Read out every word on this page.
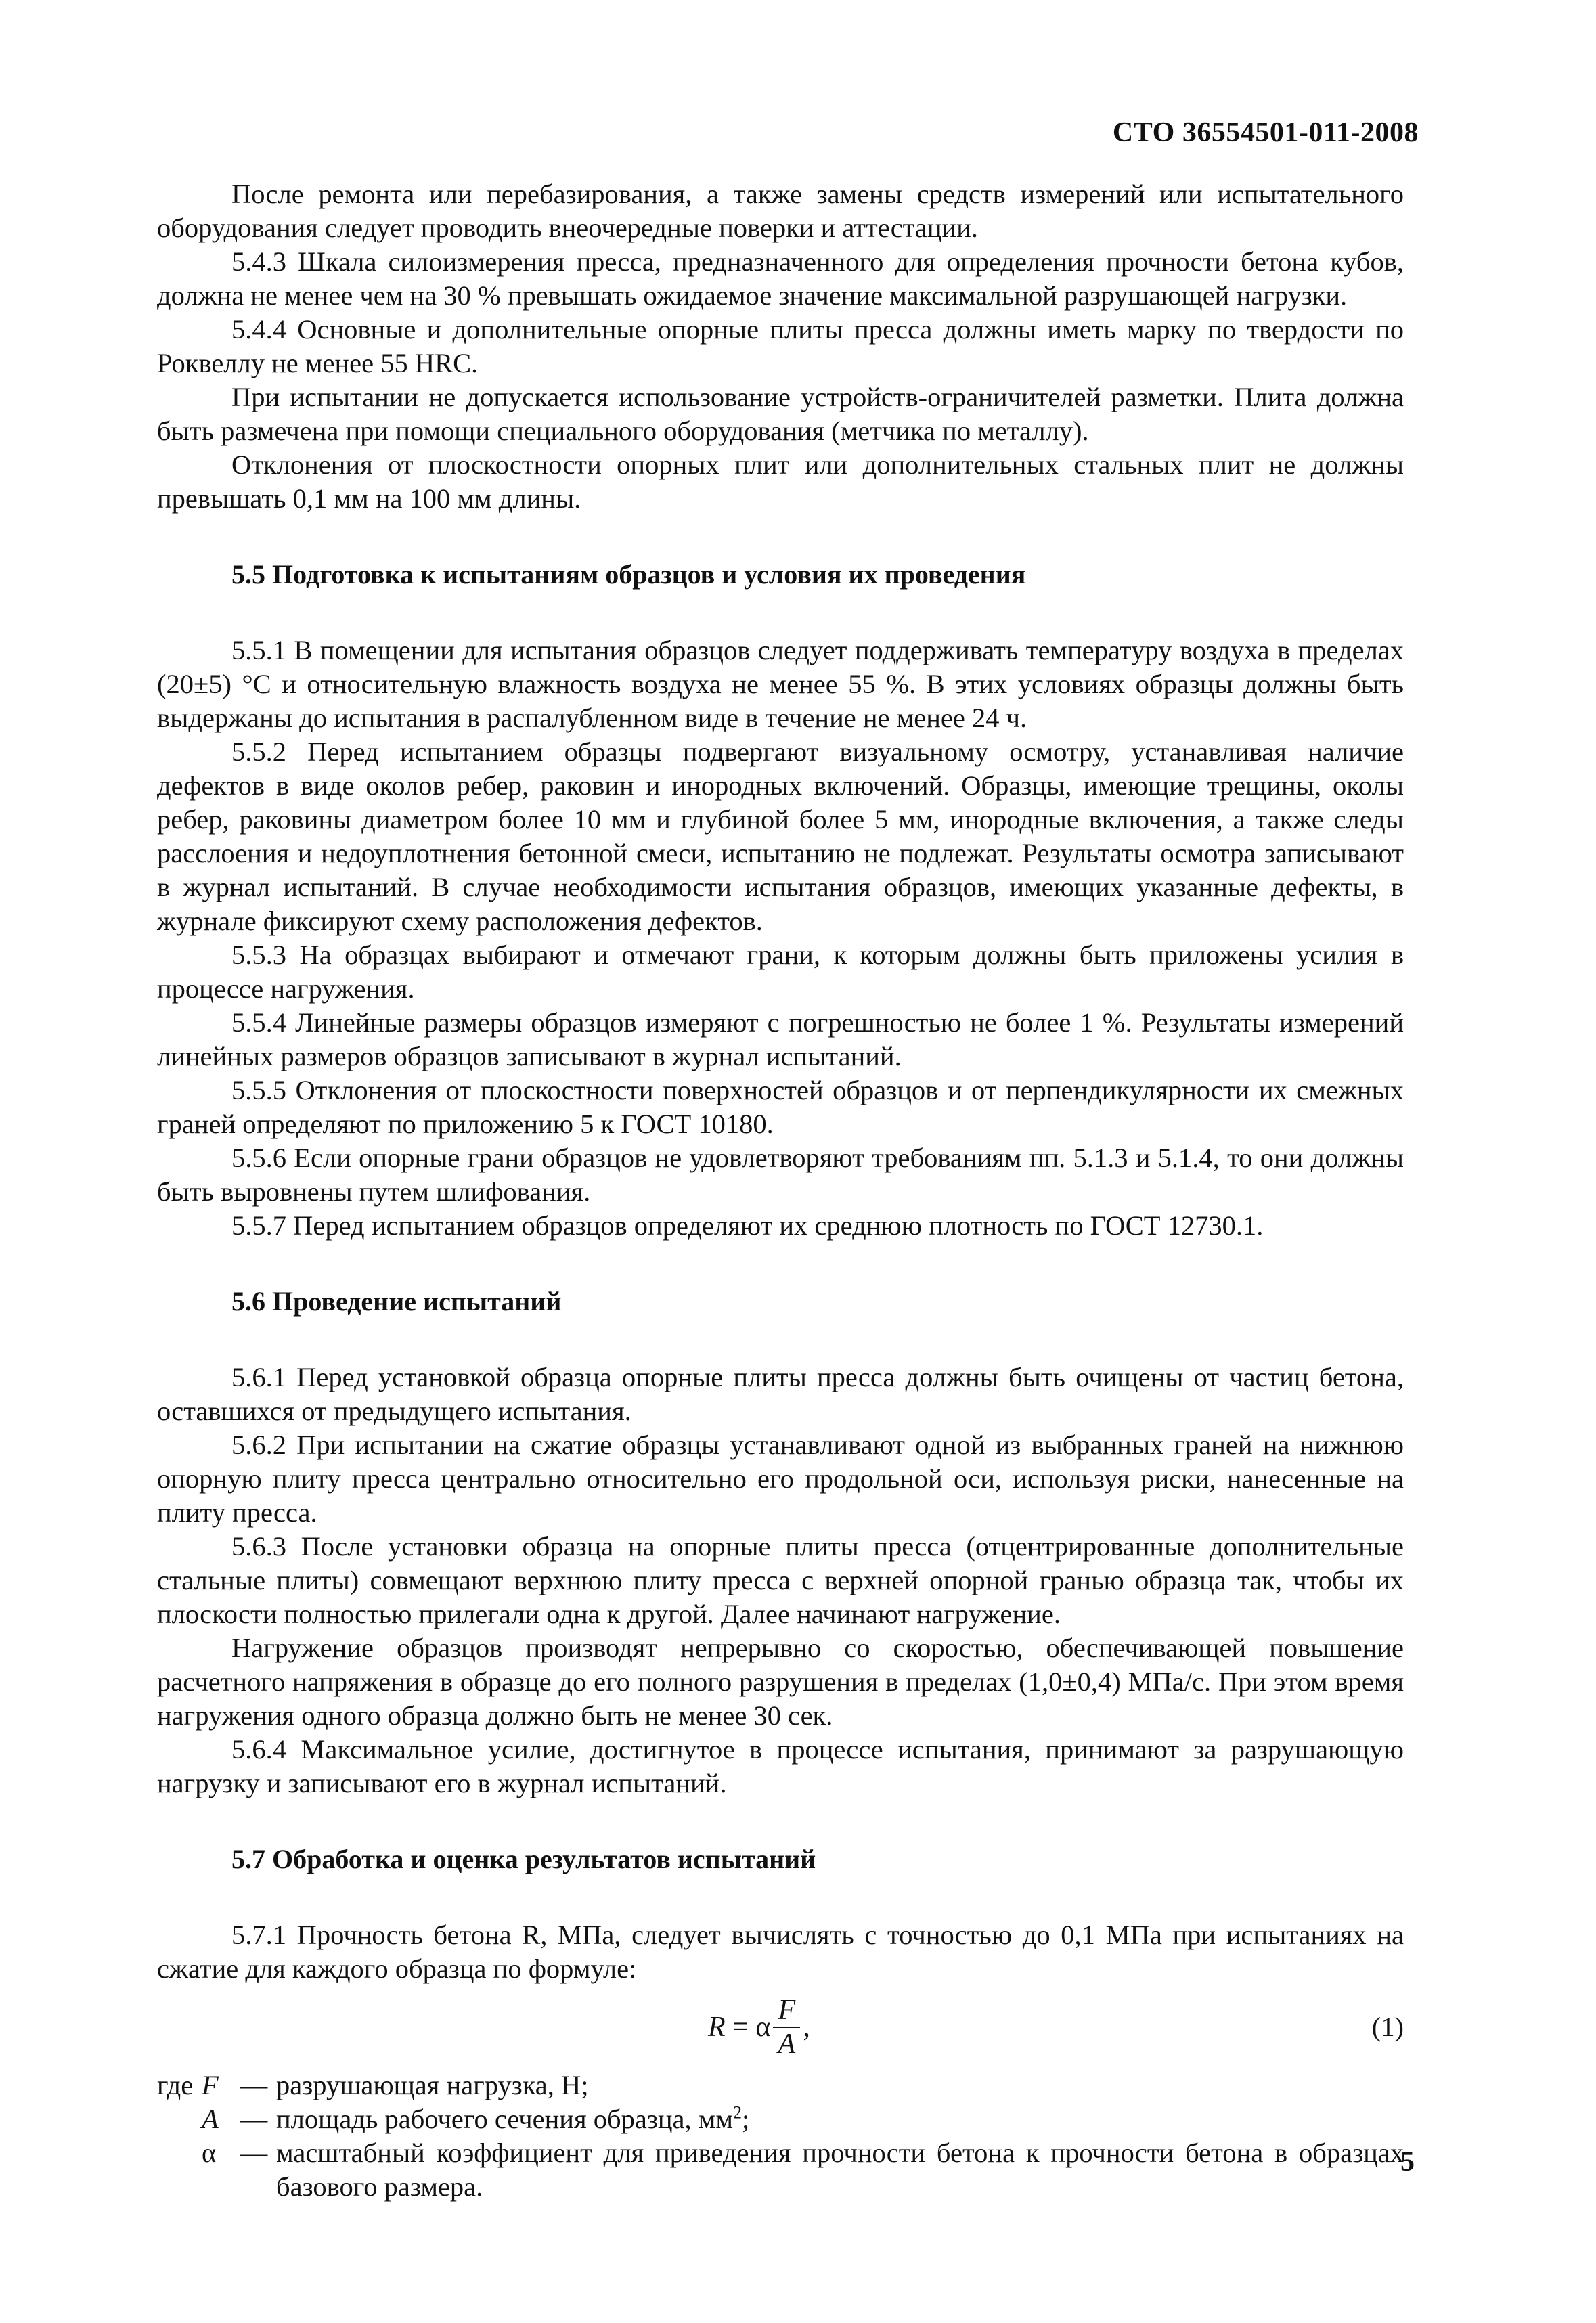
СТО 36554501-011-2008

После ремонта или перебазирования, а также замены средств измерений или испытательного оборудования следует проводить внеочередные поверки и аттестации.

5.4.3 Шкала силоизмерения пресса, предназначенного для определения прочности бетона кубов, должна не менее чем на 30 % превышать ожидаемое значение максимальной разрушающей нагрузки.

5.4.4 Основные и дополнительные опорные плиты пресса должны иметь марку по твердости по Роквеллу не менее 55 HRC.

При испытании не допускается использование устройств-ограничителей разметки. Плита должна быть размечена при помощи специального оборудования (метчика по металлу).

Отклонения от плоскостности опорных плит или дополнительных стальных плит не должны превышать 0,1 мм на 100 мм длины.

5.5 Подготовка к испытаниям образцов и условия их проведения

5.5.1 В помещении для испытания образцов следует поддерживать температуру воздуха в пределах (20±5) °С и относительную влажность воздуха не менее 55 %. В этих условиях образцы должны быть выдержаны до испытания в распалубленном виде в течение не менее 24 ч.

5.5.2 Перед испытанием образцы подвергают визуальному осмотру, устанавливая наличие дефектов в виде околов ребер, раковин и инородных включений. Образцы, имеющие трещины, околы ребер, раковины диаметром более 10 мм и глубиной более 5 мм, инородные включения, а также следы расслоения и недоуплотнения бетонной смеси, испытанию не подлежат. Результаты осмотра записывают в журнал испытаний. В случае необходимости испытания образцов, имеющих указанные дефекты, в журнале фиксируют схему расположения дефектов.

5.5.3 На образцах выбирают и отмечают грани, к которым должны быть приложены усилия в процессе нагружения.

5.5.4 Линейные размеры образцов измеряют с погрешностью не более 1 %. Результаты измерений линейных размеров образцов записывают в журнал испытаний.

5.5.5 Отклонения от плоскостности поверхностей образцов и от перпендикулярности их смежных граней определяют по приложению 5 к ГОСТ 10180.

5.5.6 Если опорные грани образцов не удовлетворяют требованиям пп. 5.1.3 и 5.1.4, то они должны быть выровнены путем шлифования.

5.5.7 Перед испытанием образцов определяют их среднюю плотность по ГОСТ 12730.1.

5.6 Проведение испытаний

5.6.1 Перед установкой образца опорные плиты пресса должны быть очищены от частиц бетона, оставшихся от предыдущего испытания.

5.6.2 При испытании на сжатие образцы устанавливают одной из выбранных граней на нижнюю опорную плиту пресса центрально относительно его продольной оси, используя риски, нанесенные на плиту пресса.

5.6.3 После установки образца на опорные плиты пресса (отцентрированные дополнительные стальные плиты) совмещают верхнюю плиту пресса с верхней опорной гранью образца так, чтобы их плоскости полностью прилегали одна к другой. Далее начинают нагружение.

Нагружение образцов производят непрерывно со скоростью, обеспечивающей повышение расчетного напряжения в образце до его полного разрушения в пределах (1,0±0,4) МПа/с. При этом время нагружения одного образца должно быть не менее 30 сек.

5.6.4 Максимальное усилие, достигнутое в процессе испытания, принимают за разрушающую нагрузку и записывают его в журнал испытаний.

5.7 Обработка и оценка результатов испытаний

5.7.1 Прочность бетона R, МПа, следует вычислять с точностью до 0,1 МПа при испытаниях на сжатие для каждого образца по формуле:

R = α $\frac{F}{A}$ ,	(1)
где F — разрушающая нагрузка, Н;
A — площадь рабочего сечения образца, $мм^2$;
α — масштабный коэффициент для приведения прочности бетона к прочности бетона в образцах базового размера.
5
